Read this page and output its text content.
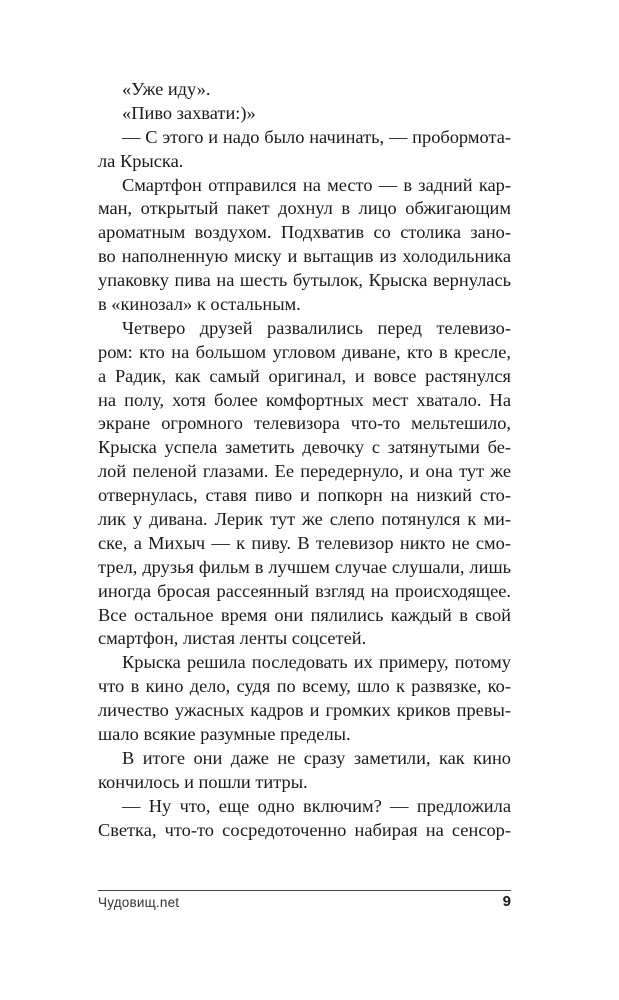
«Уже иду».
«Пиво захвати:)»
— С этого и надо было начинать, — пробормота-
ла Крыска.
Смартфон отправился на место — в задний кар-
ман, открытый пакет дохнул в лицо обжигающим
ароматным воздухом. Подхватив со столика зано-
во наполненную миску и вытащив из холодильника
упаковку пива на шесть бутылок, Крыска вернулась
в «кинозал» к остальным.
Четверо друзей развалились перед телевизо-
ром: кто на большом угловом диване, кто в кресле,
а Радик, как самый оригинал, и вовсе растянулся
на полу, хотя более комфортных мест хватало. На
экране огромного телевизора что-то мельтешило,
Крыска успела заметить девочку с затянутыми бе-
лой пеленой глазами. Ее передернуло, и она тут же
отвернулась, ставя пиво и попкорн на низкий сто-
лик у дивана. Лерик тут же слепо потянулся к ми-
ске, а Михыч — к пиву. В телевизор никто не смо-
трел, друзья фильм в лучшем случае слушали, лишь
иногда бросая рассеянный взгляд на происходящее.
Все остальное время они пялились каждый в свой
смартфон, листая ленты соцсетей.
Крыска решила последовать их примеру, потому
что в кино дело, судя по всему, шло к развязке, ко-
личество ужасных кадров и громких криков превы-
шало всякие разумные пределы.
В итоге они даже не сразу заметили, как кино
кончилось и пошли титры.
— Ну что, еще одно включим? — предложила
Светка, что-то сосредоточенно набирая на сенсор-
Чудовищ.net	9
